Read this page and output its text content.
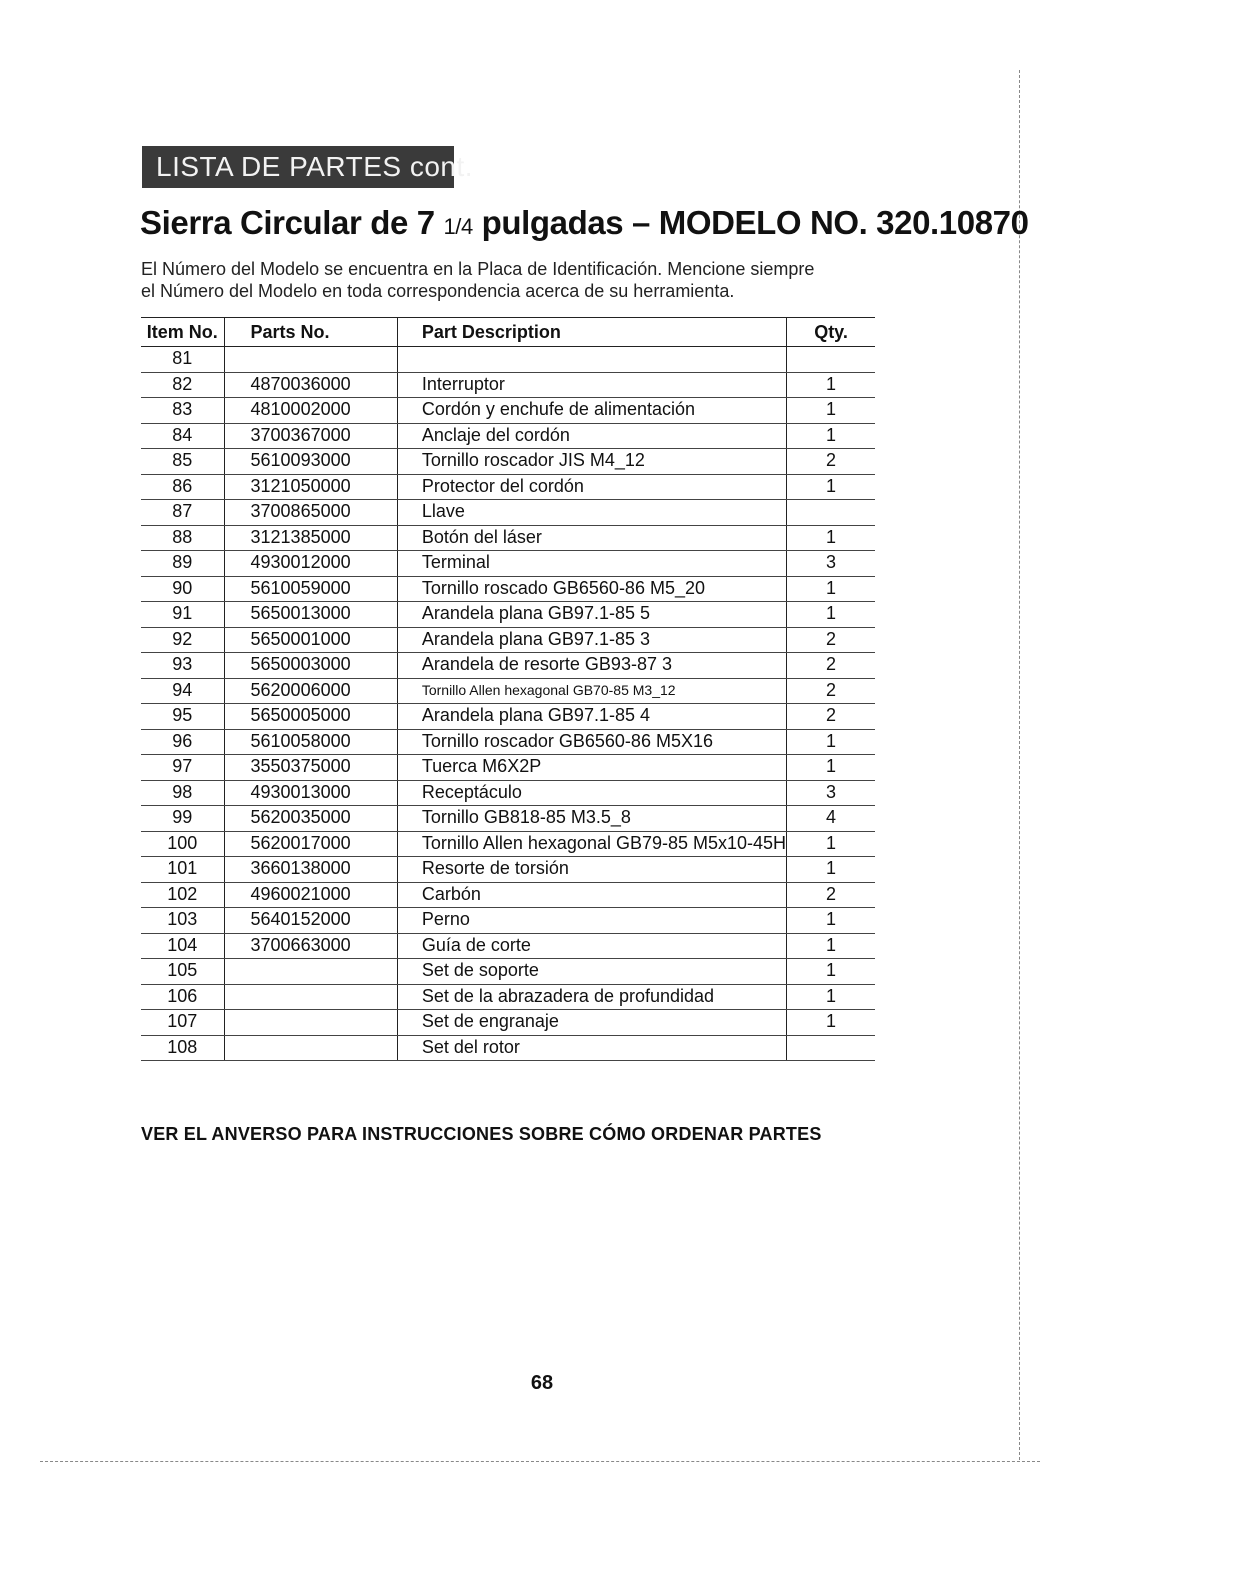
LISTA DE PARTES cont.
Sierra Circular de 7 1/4 pulgadas – MODELO NO. 320.10870

El Número del Modelo se encuentra en la Placa de Identificación. Mencione siempre

el Número del Modelo en toda correspondencia acerca de su herramienta.

Item No.	Parts No.	Part Description	Qty.
81			
82	4870036000	Interruptor	1
83	4810002000	Cordón y enchufe de alimentación	1
84	3700367000	Anclaje del cordón	1
85	5610093000	Tornillo roscador JIS M4_12	2
86	3121050000	Protector del cordón	1
87	3700865000	Llave	
88	3121385000	Botón del láser	1
89	4930012000	Terminal	3
90	5610059000	Tornillo roscado GB6560-86 M5_20	1
91	5650013000	Arandela plana GB97.1-85 5	1
92	5650001000	Arandela plana GB97.1-85 3	2
93	5650003000	Arandela de resorte GB93-87 3	2
94	5620006000	Tornillo Allen hexagonal GB70-85 M3_12	2
95	5650005000	Arandela plana GB97.1-85 4	2
96	5610058000	Tornillo roscador GB6560-86 M5X16	1
97	3550375000	Tuerca M6X2P	1
98	4930013000	Receptáculo	3
99	5620035000	Tornillo GB818-85 M3.5_8	4
100	5620017000	Tornillo Allen hexagonal GB79-85 M5x10-45H	1
101	3660138000	Resorte de torsión	1
102	4960021000	Carbón	2
103	5640152000	Perno	1
104	3700663000	Guía de corte	1
105		Set de soporte	1
106		Set de la abrazadera de profundidad	1
107		Set de engranaje	1
108		Set del rotor	
VER EL ANVERSO PARA INSTRUCCIONES SOBRE CÓMO ORDENAR PARTES
68
